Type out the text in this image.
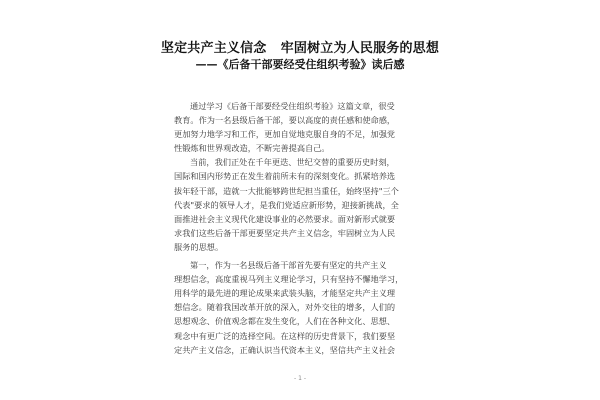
坚定共产主义信念   牢固树立为人民服务的思想
——《后备干部要经受住组织考验》读后感
通过学习《后备干部要经受住组织考验》这篇文章，很受
教育。作为一名县级后备干部，要以高度的责任感和使命感，
更加努力地学习和工作，更加自觉地克服自身的不足，加强党
性锻炼和世界观改造，不断完善提高自己。
当前，我们正处在千年更迭、世纪交替的重要历史时刻，
国际和国内形势正在发生着前所未有的深刻变化。抓紧培养选
拔年轻干部，造就一大批能够跨世纪担当重任，始终坚持"三个
代表"要求的领导人才，是我们党适应新形势，迎接新挑战，全
面推进社会主义现代化建设事业的必然要求。面对新形式就要
求我们这些后备干部更要坚定共产主义信念，牢固树立为人民
服务的思想。
第一，作为一名县级后备干部首先要有坚定的共产主义
理想信念，高度重视马列主义理论学习，只有坚持不懈地学习，
用科学的最先进的理论成果来武装头脑，才能坚定共产主义理
想信念。随着我国改革开放的深入，对外交往的增多，人们的
思想观念、价值观念都在发生变化，人们在各种文化、思想、
观念中有更广泛的选择空间。在这样的历史背景下，我们要坚
定共产主义信念，正确认识当代资本主义，坚信共产主义社会
- 1 -
